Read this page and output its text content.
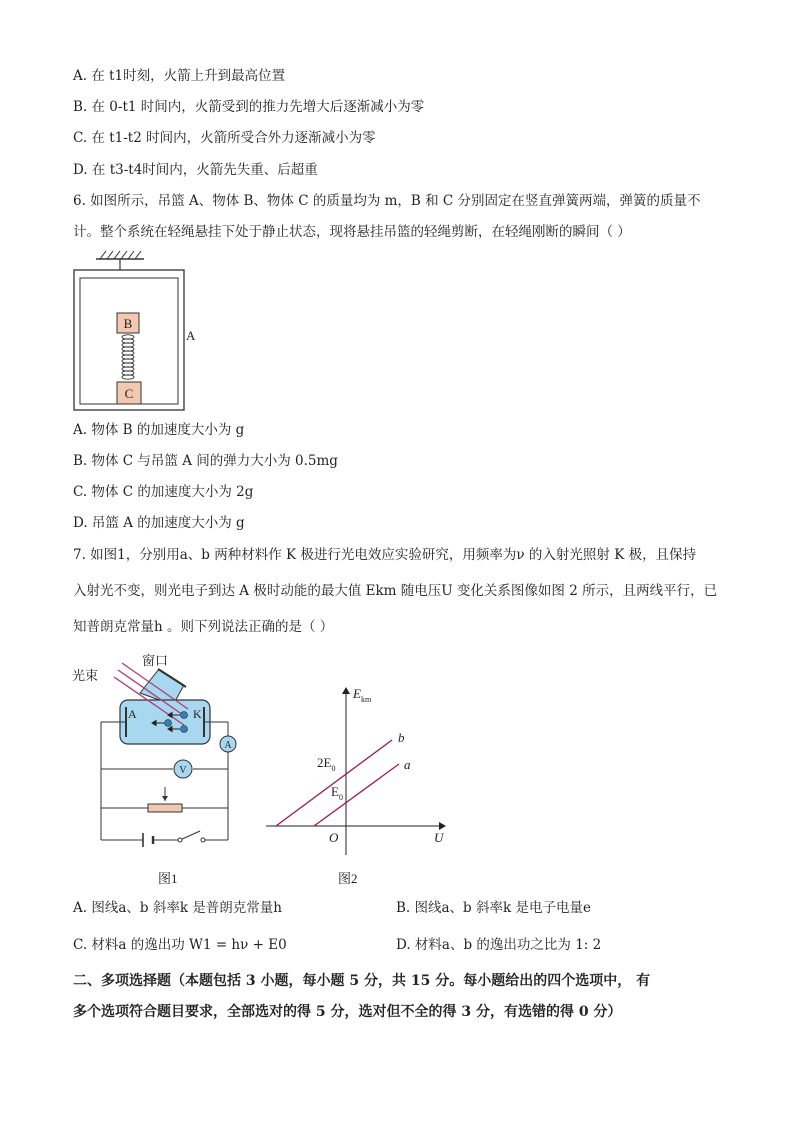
A. 在 t1时刻，火箭上升到最高位置
B. 在 0-t1 时间内，火箭受到的推力先增大后逐渐减小为零
C. 在 t1-t2 时间内，火箭所受合外力逐渐减小为零
D. 在 t3-t4时间内，火箭先失重、后超重
6. 如图所示，吊篮 A、物体 B、物体 C 的质量均为 m，B 和 C 分别固定在竖直弹簧两端，弹簧的质量不
计。整个系统在轻绳悬挂下处于静止状态，现将悬挂吊篮的轻绳剪断，在轻绳刚断的瞬间（ ）
B
C
A
A. 物体 B 的加速度大小为 g
B. 物体 C 与吊篮 A 间的弹力大小为 0.5mg
C. 物体 C 的加速度大小为 2g
D. 吊篮 A 的加速度大小为 g
7. 如图1，分别用a、b 两种材料作 K 极进行光电效应实验研究，用频率为ν 的入射光照射 K 极，且保持
入射光不变，则光电子到达 A 极时动能的最大值 Ekm 随电压U 变化关系图像如图 2 所示，且两线平行，已
知普朗克常量h 。则下列说法正确的是（ ）
窗口
光束
A	K
A
V
图1
$E_{km}$
U
O
b
a
$2E_0$
$E_0$
图2
A. 图线a、b 斜率k 是普朗克常量h	B. 图线a、b 斜率k 是电子电量e
C. 材料a 的逸出功 W1 = hν + E0	D. 材料a、b 的逸出功之比为 1: 2
二、多项选择题（本题包括 3 小题，每小题 5 分，共 15 分。每小题给出的四个选项中， 有
多个选项符合题目要求，全部选对的得 5 分，选对但不全的得 3 分，有选错的得 0 分）
